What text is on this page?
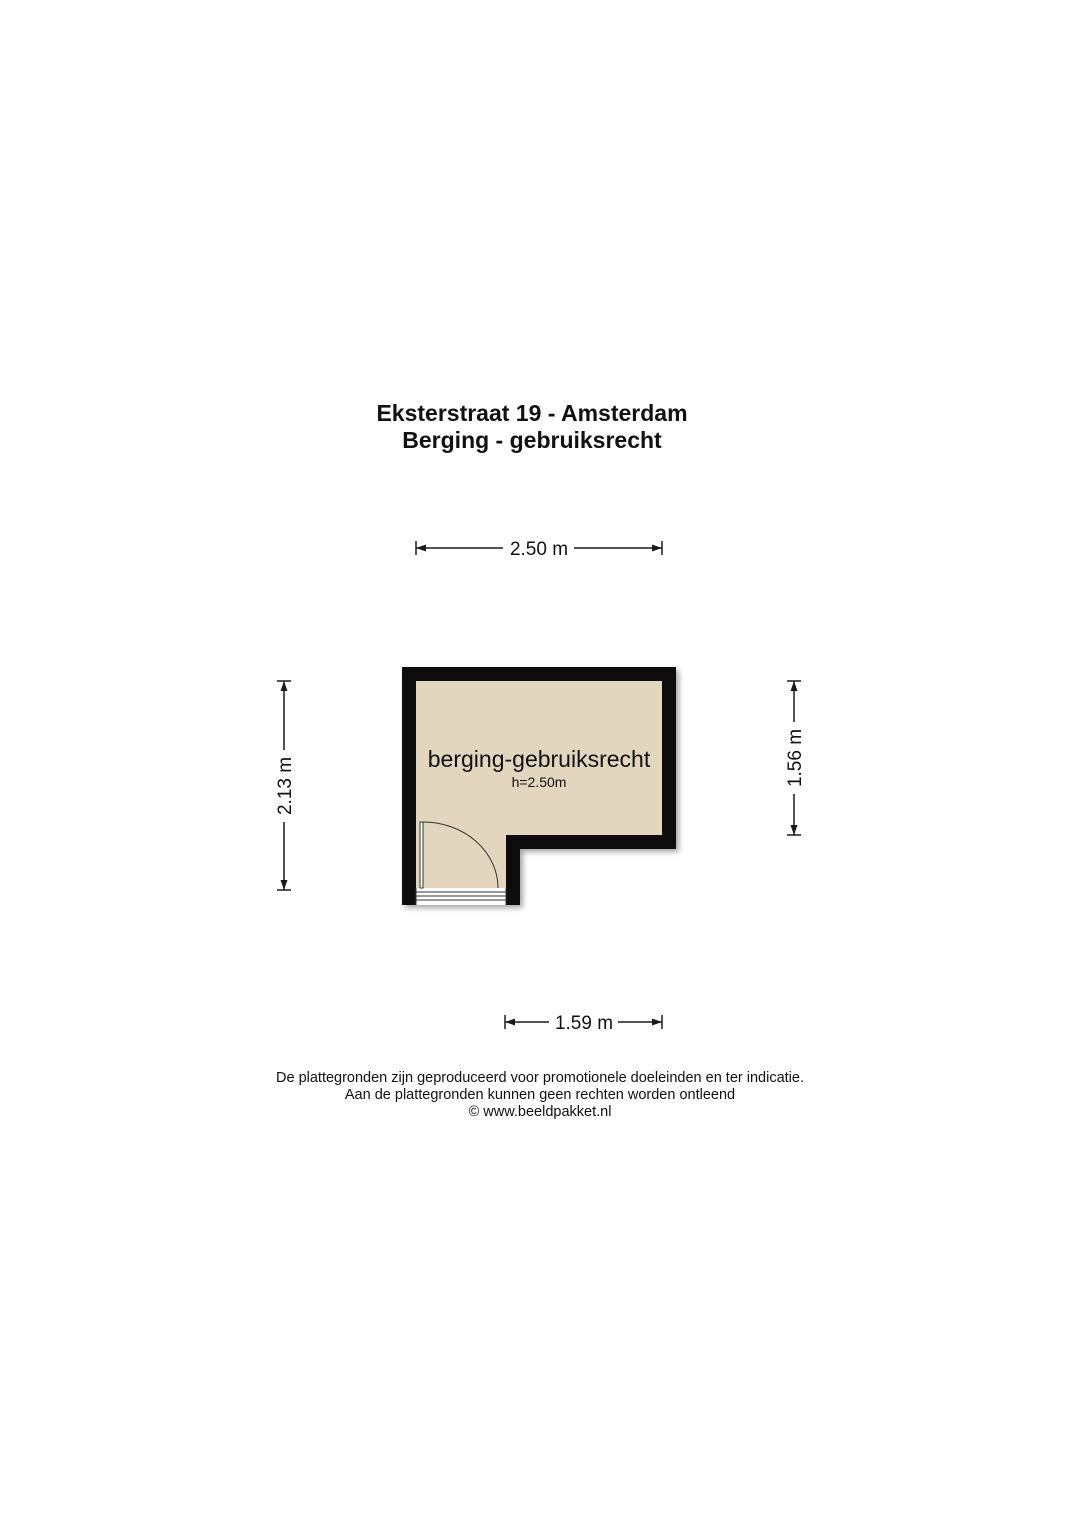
Eksterstraat 19 - Amsterdam
Berging - gebruiksrecht
2.50 m
2.13 m	1.56 m
berging-gebruiksrecht
h=2.50m
1.59 m
De plattegronden zijn geproduceerd voor promotionele doeleinden en ter indicatie.
Aan de plattegronden kunnen geen rechten worden ontleend
© www.beeldpakket.nl
